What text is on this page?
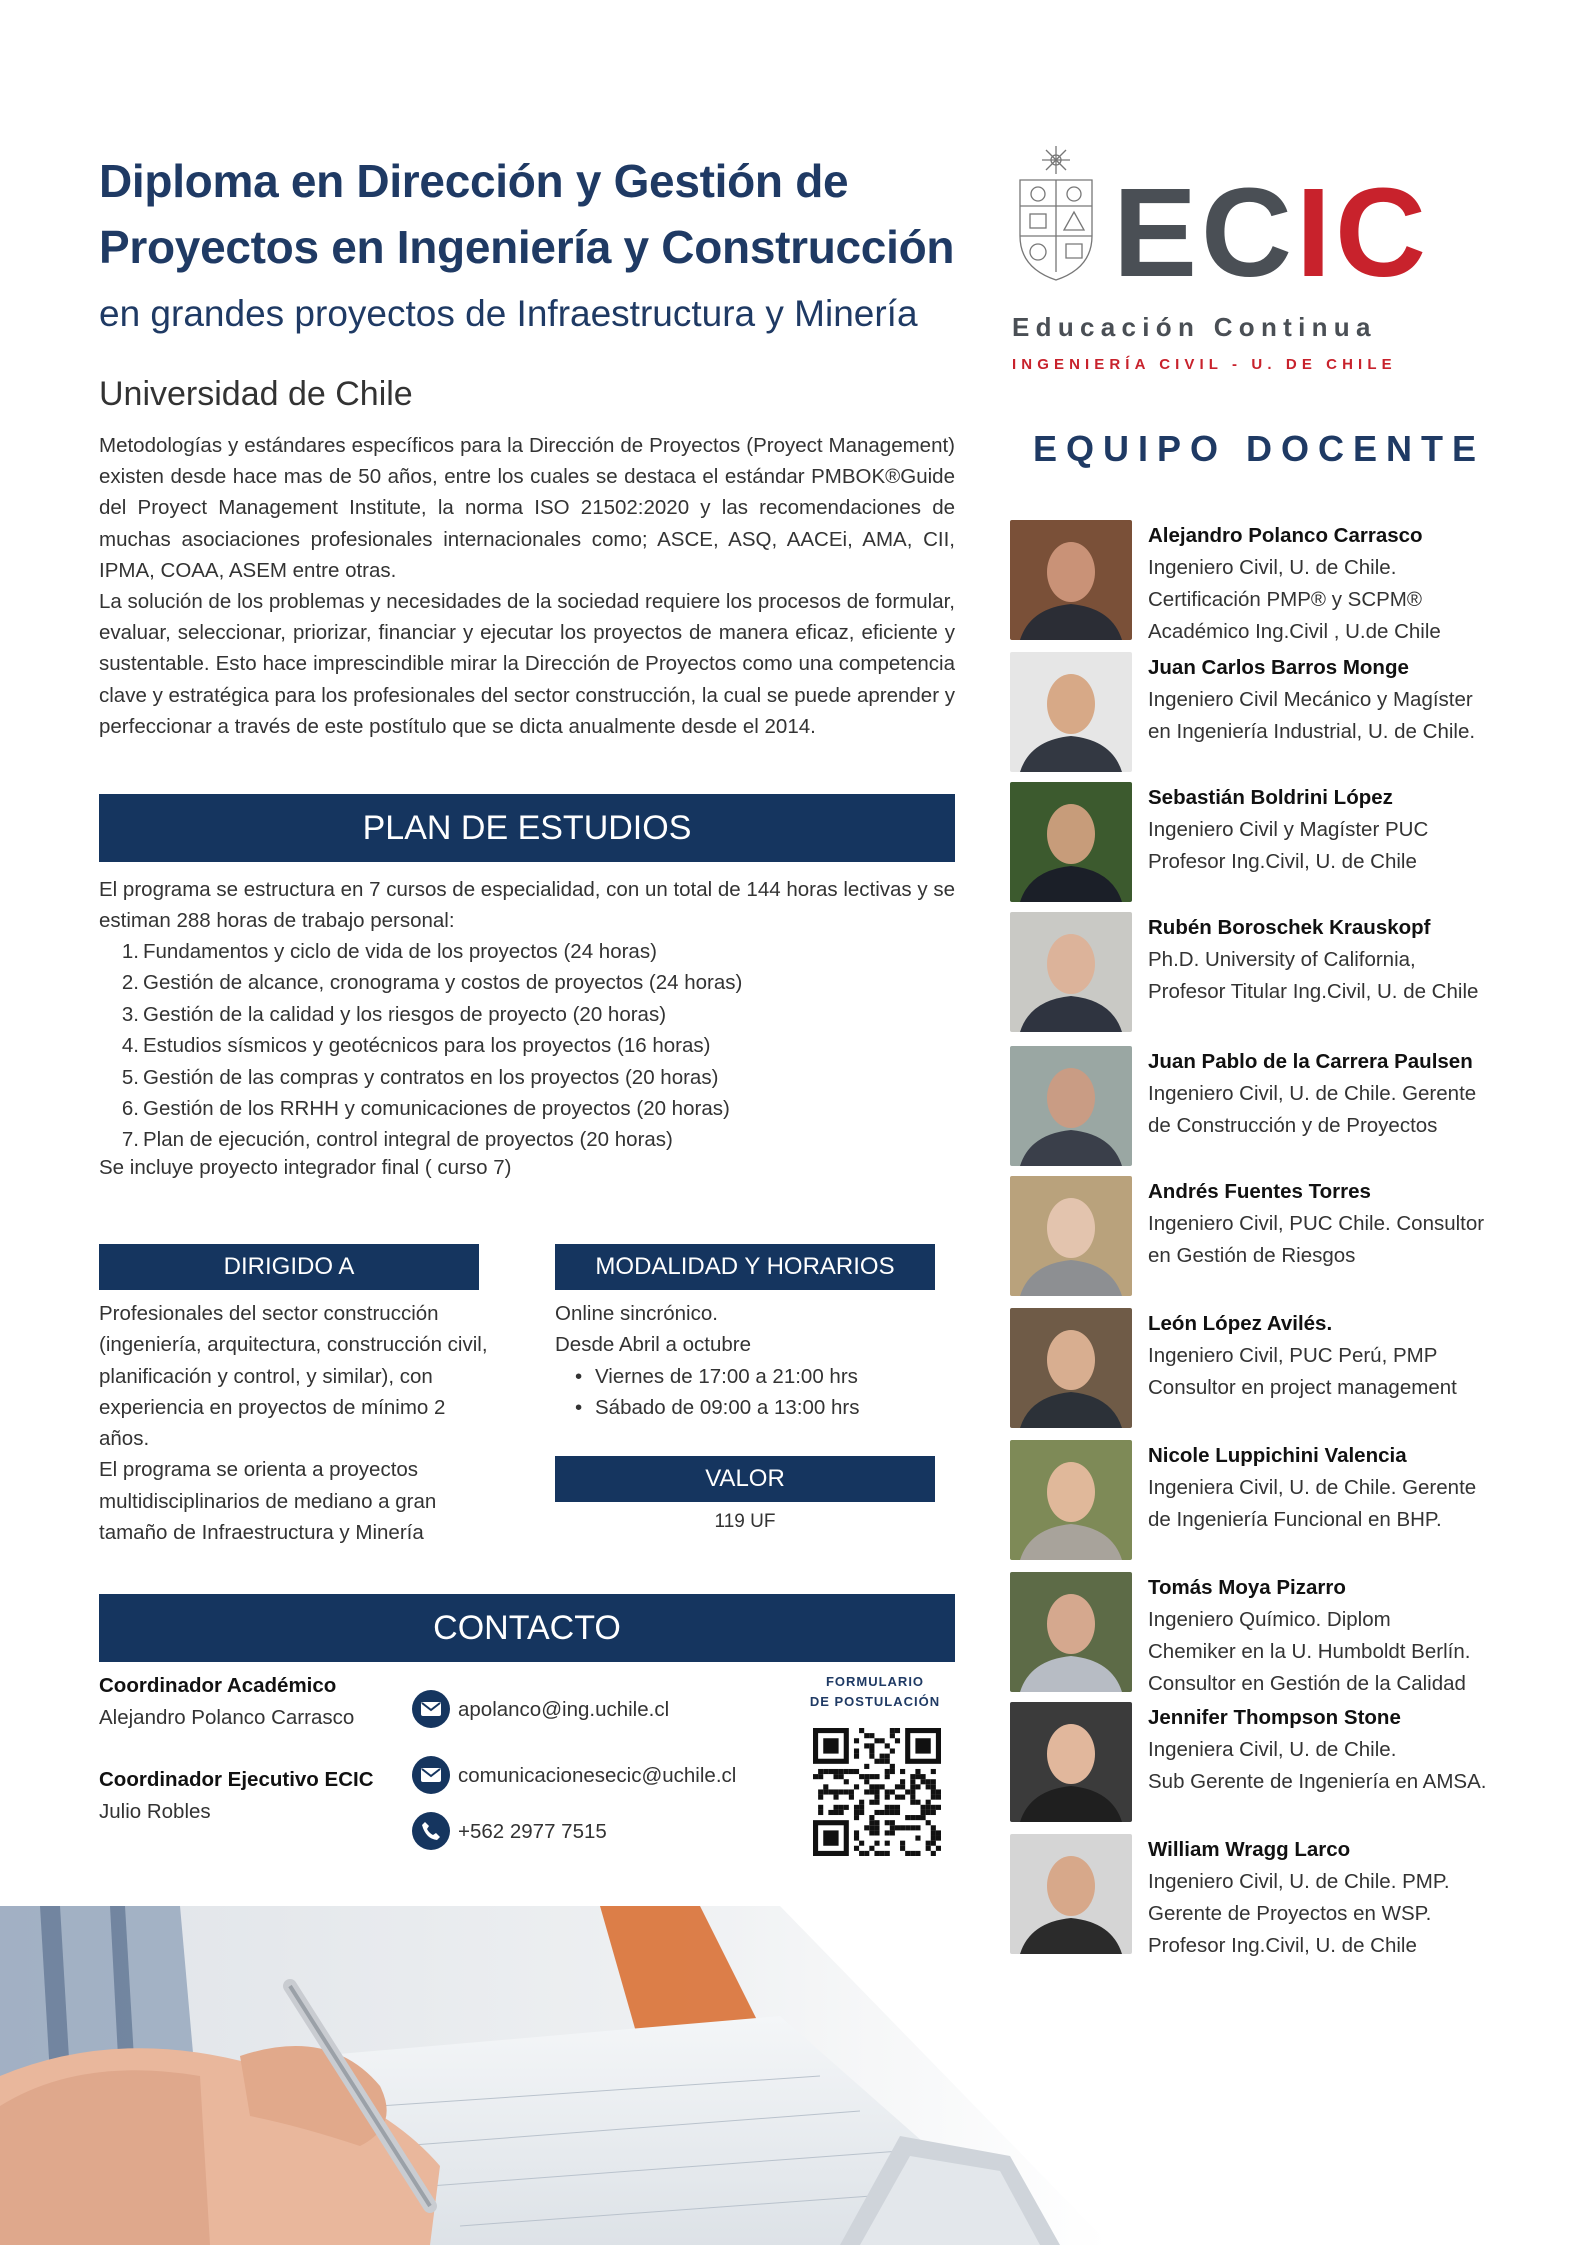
ECIC
Educación Continua
INGENIERÍA CIVIL - U. DE CHILE
Diploma en Dirección y Gestión de
Proyectos en Ingeniería y Construcción
en grandes proyectos de Infraestructura y Minería
Universidad de Chile

Metodologías y estándares específicos para la Dirección de Proyectos (Proyect Management) existen desde hace mas de 50 años, entre los cuales se destaca el estándar PMBOK®Guide del Proyect Management Institute, la norma ISO 21502:2020 y las recomendaciones de muchas asociaciones profesionales internacionales como; ASCE, ASQ, AACEi, AMA, CII, IPMA, COAA, ASEM entre otras.

La solución de los problemas y necesidades de la sociedad requiere los procesos de formular, evaluar, seleccionar, priorizar, financiar y ejecutar los proyectos de manera eficaz, eficiente y sustentable. Esto hace imprescindible mirar la Dirección de Proyectos como una competencia clave y estratégica para los profesionales del sector construcción, la cual se puede aprender y perfeccionar a través de este postítulo que se dicta anualmente desde el 2014.

PLAN DE ESTUDIOS
El programa se estructura en 7 cursos de especialidad, con un total de 144 horas lectivas y se estiman 288 horas de trabajo personal:
1. Fundamentos y ciclo de vida de los proyectos (24 horas)
2. Gestión de alcance, cronograma y costos de proyectos (24 horas)
3. Gestión de la calidad y los riesgos de proyecto (20 horas)
4. Estudios sísmicos y geotécnicos para los proyectos (16 horas)
5. Gestión de las compras y contratos en los proyectos (20 horas)
6. Gestión de los RRHH y comunicaciones de proyectos (20 horas)
7. Plan de ejecución, control integral de proyectos (20 horas)
Se incluye proyecto integrador final ( curso 7)
DIRIGIDO A

Profesionales del sector construcción (ingeniería, arquitectura, construcción civil, planificación y control, y similar), con experiencia en proyectos de mínimo 2 años.

El programa se orienta a proyectos multidisciplinarios de mediano a gran tamaño de Infraestructura y Minería

MODALIDAD Y HORARIOS

Online sincrónico.

Desde Abril a octubre

• Viernes de 17:00 a 21:00 hrs
• Sábado de 09:00 a 13:00 hrs
VALOR
119 UF
CONTACTO
Coordinador Académico
Alejandro Polanco Carrasco
Coordinador Ejecutivo ECIC
Julio Robles
apolanco@ing.uchile.cl
comunicacionesecic@uchile.cl
+562 2977 7515
FORMULARIO
DE POSTULACIÓN
EQUIPO DOCENTE
Alejandro Polanco Carrasco
Ingeniero Civil, U. de Chile.
Certificación PMP® y SCPM®
Académico Ing.Civil , U.de Chile
Juan Carlos Barros Monge
Ingeniero Civil Mecánico y Magíster
en Ingeniería Industrial, U. de Chile.
Sebastián Boldrini López
Ingeniero Civil y Magíster PUC
Profesor Ing.Civil, U. de Chile
Rubén Boroschek Krauskopf
Ph.D. University of California,
Profesor Titular Ing.Civil, U. de Chile
Juan Pablo de la Carrera Paulsen
Ingeniero Civil, U. de Chile. Gerente
de Construcción y de Proyectos
Andrés Fuentes Torres
Ingeniero Civil, PUC Chile. Consultor
en Gestión de Riesgos
León López Avilés.
Ingeniero Civil, PUC Perú, PMP
Consultor en project management
Nicole Luppichini Valencia
Ingeniera Civil, U. de Chile. Gerente
de Ingeniería Funcional en BHP.
Tomás Moya Pizarro
Ingeniero Químico. Diplom
Chemiker en la U. Humboldt Berlín.
Consultor en Gestión de la Calidad
Jennifer Thompson Stone
Ingeniera Civil, U. de Chile.
Sub Gerente de Ingeniería en AMSA.
William Wragg Larco
Ingeniero Civil, U. de Chile. PMP.
Gerente de Proyectos en WSP.
Profesor Ing.Civil, U. de Chile
